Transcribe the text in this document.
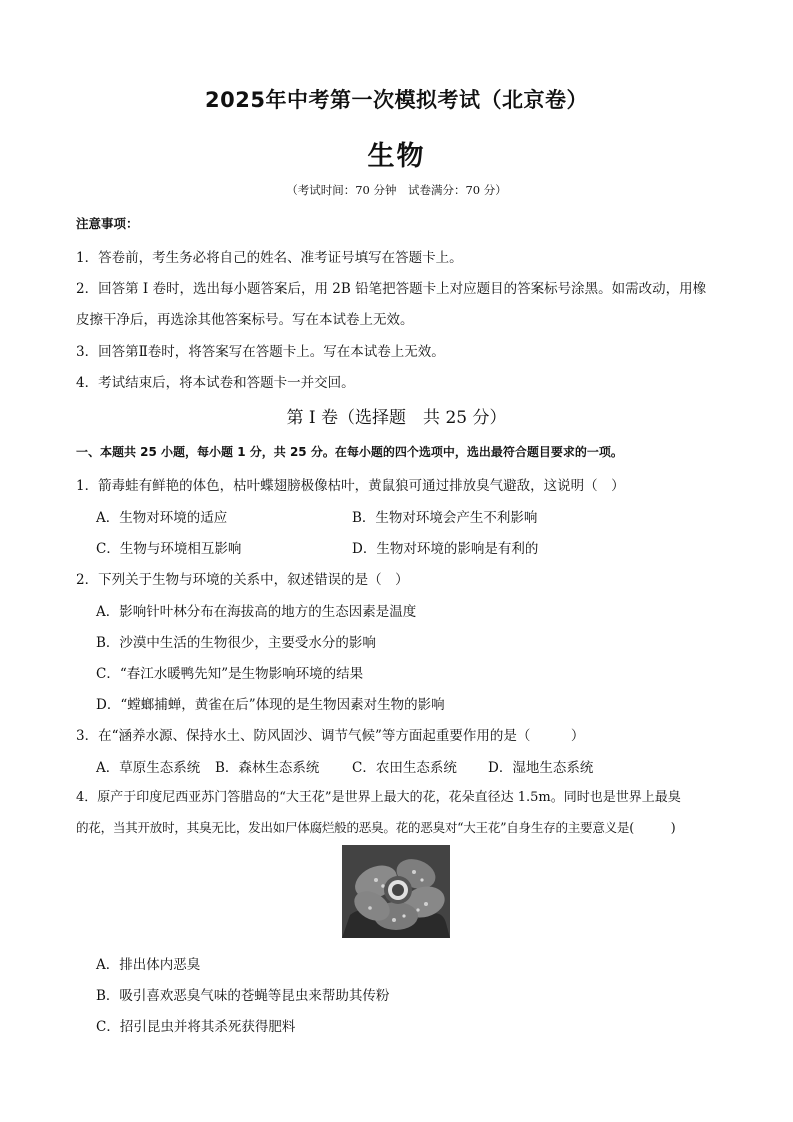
2025年中考第一次模拟考试（北京卷）
生物
（考试时间：70 分钟　试卷满分：70 分）
注意事项：
1．答卷前，考生务必将自己的姓名、准考证号填写在答题卡上。
2．回答第 I 卷时，选出每小题答案后，用 2B 铅笔把答题卡上对应题目的答案标号涂黑。如需改动，用橡
皮擦干净后，再选涂其他答案标号。写在本试卷上无效。
3．回答第Ⅱ卷时，将答案写在答题卡上。写在本试卷上无效。
4．考试结束后，将本试卷和答题卡一并交回。
第 I 卷（选择题　共 25 分）
一、本题共 25 小题，每小题 1 分，共 25 分。在每小题的四个选项中，选出最符合题目要求的一项。
1．箭毒蛙有鲜艳的体色，枯叶蝶翅膀极像枯叶，黄鼠狼可通过排放臭气避敌，这说明（　）
A．生物对环境的适应	B．生物对环境会产生不利影响
C．生物与环境相互影响	D．生物对环境的影响是有利的
2．下列关于生物与环境的关系中，叙述错误的是（　）
A．影响针叶林分布在海拔高的地方的生态因素是温度
B．沙漠中生活的生物很少，主要受水分的影响
C．“春江水暖鸭先知”是生物影响环境的结果
D．“螳螂捕蝉，黄雀在后”体现的是生物因素对生物的影响
3．在“涵养水源、保持水土、防风固沙、调节气候”等方面起重要作用的是（　　　）
A．草原生态系统 B．森林生态系统 C．农田生态系统 D．湿地生态系统
4．原产于印度尼西亚苏门答腊岛的“大王花”是世界上最大的花，花朵直径达 1.5m。同时也是世界上最臭
的花，当其开放时，其臭无比，发出如尸体腐烂般的恶臭。花的恶臭对“大王花”自身生存的主要意义是(　　　)
A．排出体内恶臭
B．吸引喜欢恶臭气味的苍蝇等昆虫来帮助其传粉
C．招引昆虫并将其杀死获得肥料
